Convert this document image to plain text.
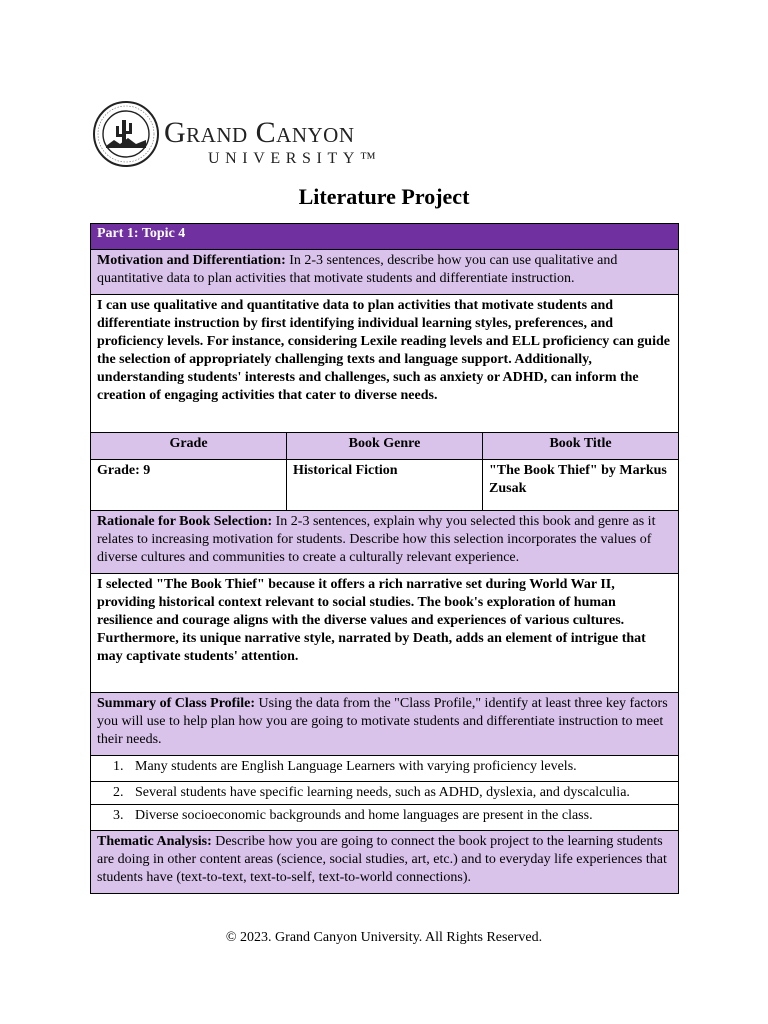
Grand Canyon
UNIVERSITY™
Literature Project
Part 1: Topic 4		
Motivation and Differentiation: In 2-3 sentences, describe how you can use qualitative and quantitative data to plan activities that motivate students and differentiate instruction.		
I can use qualitative and quantitative data to plan activities that motivate students and differentiate instruction by first identifying individual learning styles, preferences, and proficiency levels. For instance, considering Lexile reading levels and ELL proficiency can guide the selection of appropriately challenging texts and language support. Additionally, understanding students' interests and challenges, such as anxiety or ADHD, can inform the creation of engaging activities that cater to diverse needs.		
Grade	Book Genre	Book Title
Grade: 9	Historical Fiction	"The Book Thief" by Markus Zusak
Rationale for Book Selection: In 2-3 sentences, explain why you selected this book and genre as it relates to increasing motivation for students. Describe how this selection incorporates the values of diverse cultures and communities to create a culturally relevant experience.		
I selected "The Book Thief" because it offers a rich narrative set during World War II, providing historical context relevant to social studies. The book's exploration of human resilience and courage aligns with the diverse values and experiences of various cultures. Furthermore, its unique narrative style, narrated by Death, adds an element of intrigue that may captivate students' attention.		
Summary of Class Profile: Using the data from the "Class Profile," identify at least three key factors you will use to help plan how you are going to motivate students and differentiate instruction to meet their needs.		

1. Many students are English Language Learners with varying proficiency levels.		

2. Several students have specific learning needs, such as ADHD, dyslexia, and dyscalculia.		

3. Diverse socioeconomic backgrounds and home languages are present in the class.		

Thematic Analysis: Describe how you are going to connect the book project to the learning students are doing in other content areas (science, social studies, art, etc.) and to everyday life experiences that students have (text-to-text, text-to-self, text-to-world connections).		
© 2023. Grand Canyon University. All Rights Reserved.
